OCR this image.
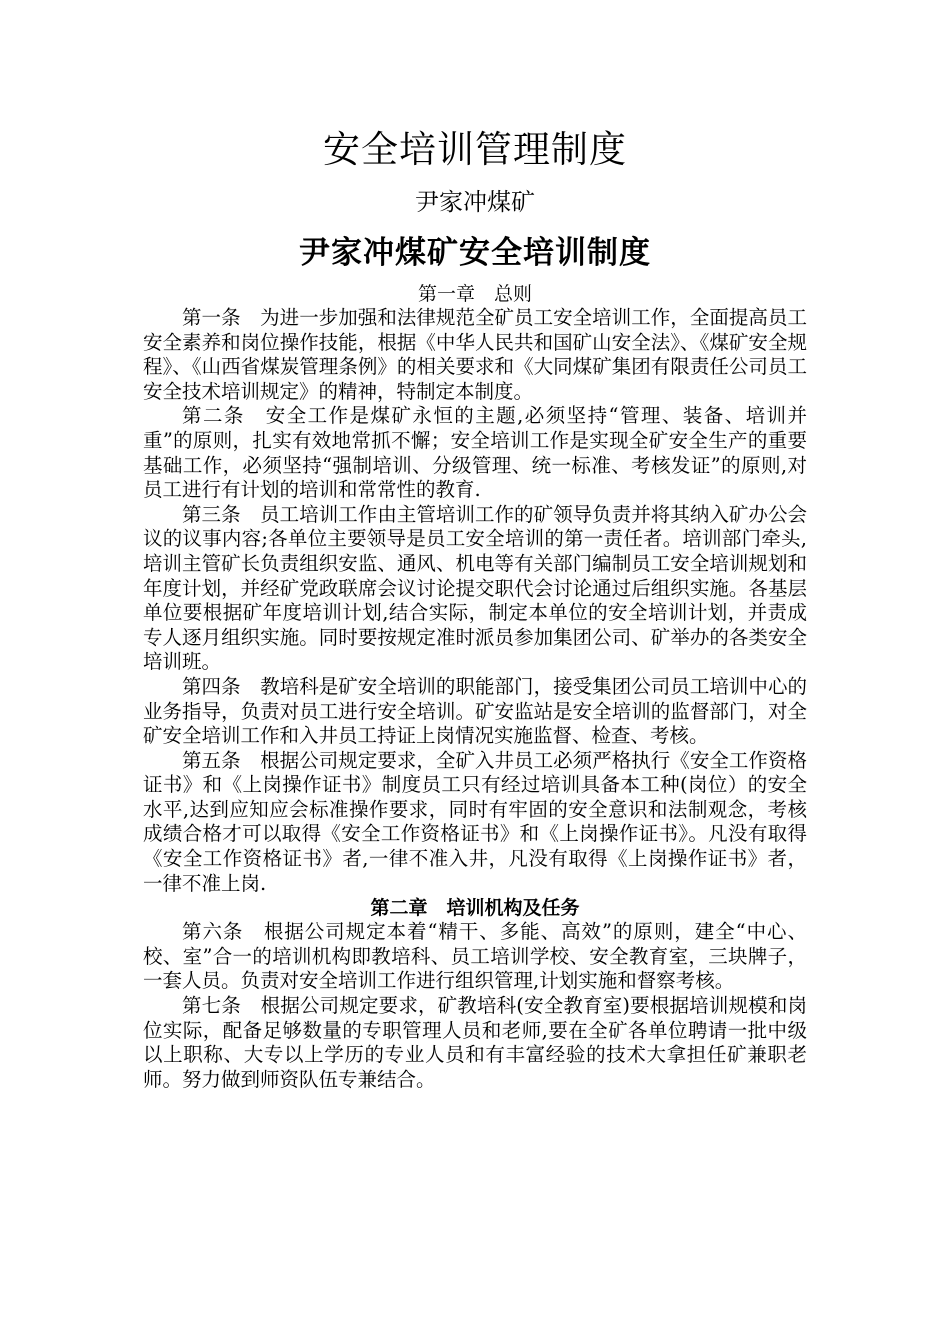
安全培训管理制度
尹家冲煤矿
尹家冲煤矿安全培训制度
第一章　总则

第一条　为进一步加强和法律规范全矿员工安全培训工作，全面提高员工安全素养和岗位操作技能，根据《中华人民共和国矿山安全法》、《煤矿安全规程》、《山西省煤炭管理条例》的相关要求和《大同煤矿集团有限责任公司员工安全技术培训规定》的精神，特制定本制度。

第二条　安全工作是煤矿永恒的主题,必须坚持“管理、装备、培训并重”的原则，扎实有效地常抓不懈；安全培训工作是实现全矿安全生产的重要基础工作，必须坚持“强制培训、分级管理、统一标准、考核发证”的原则,对员工进行有计划的培训和常常性的教育.

第三条　员工培训工作由主管培训工作的矿领导负责并将其纳入矿办公会议的议事内容;各单位主要领导是员工安全培训的第一责任者。培训部门牵头,培训主管矿长负责组织安监、通风、机电等有关部门编制员工安全培训规划和年度计划，并经矿党政联席会议讨论提交职代会讨论通过后组织实施。各基层单位要根据矿年度培训计划,结合实际，制定本单位的安全培训计划，并责成专人逐月组织实施。同时要按规定准时派员参加集团公司、矿举办的各类安全培训班。

第四条　教培科是矿安全培训的职能部门，接受集团公司员工培训中心的业务指导，负责对员工进行安全培训。矿安监站是安全培训的监督部门，对全矿安全培训工作和入井员工持证上岗情况实施监督、检查、考核。

第五条　根据公司规定要求，全矿入井员工必须严格执行《安全工作资格证书》和《上岗操作证书》制度员工只有经过培训具备本工种(岗位）的安全水平,达到应知应会标准操作要求，同时有牢固的安全意识和法制观念，考核成绩合格才可以取得《安全工作资格证书》和《上岗操作证书》。凡没有取得《安全工作资格证书》者,一律不准入井，凡没有取得《上岗操作证书》者，一律不准上岗.

第二章　培训机构及任务

第六条　根据公司规定本着“精干、多能、高效”的原则，建全“中心、校、室”合一的培训机构即教培科、员工培训学校、安全教育室，三块牌子，一套人员。负责对安全培训工作进行组织管理,计划实施和督察考核。

第七条　根据公司规定要求，矿教培科(安全教育室)要根据培训规模和岗位实际，配备足够数量的专职管理人员和老师,要在全矿各单位聘请一批中级以上职称、大专以上学历的专业人员和有丰富经验的技术大拿担任矿兼职老师。努力做到师资队伍专兼结合。
